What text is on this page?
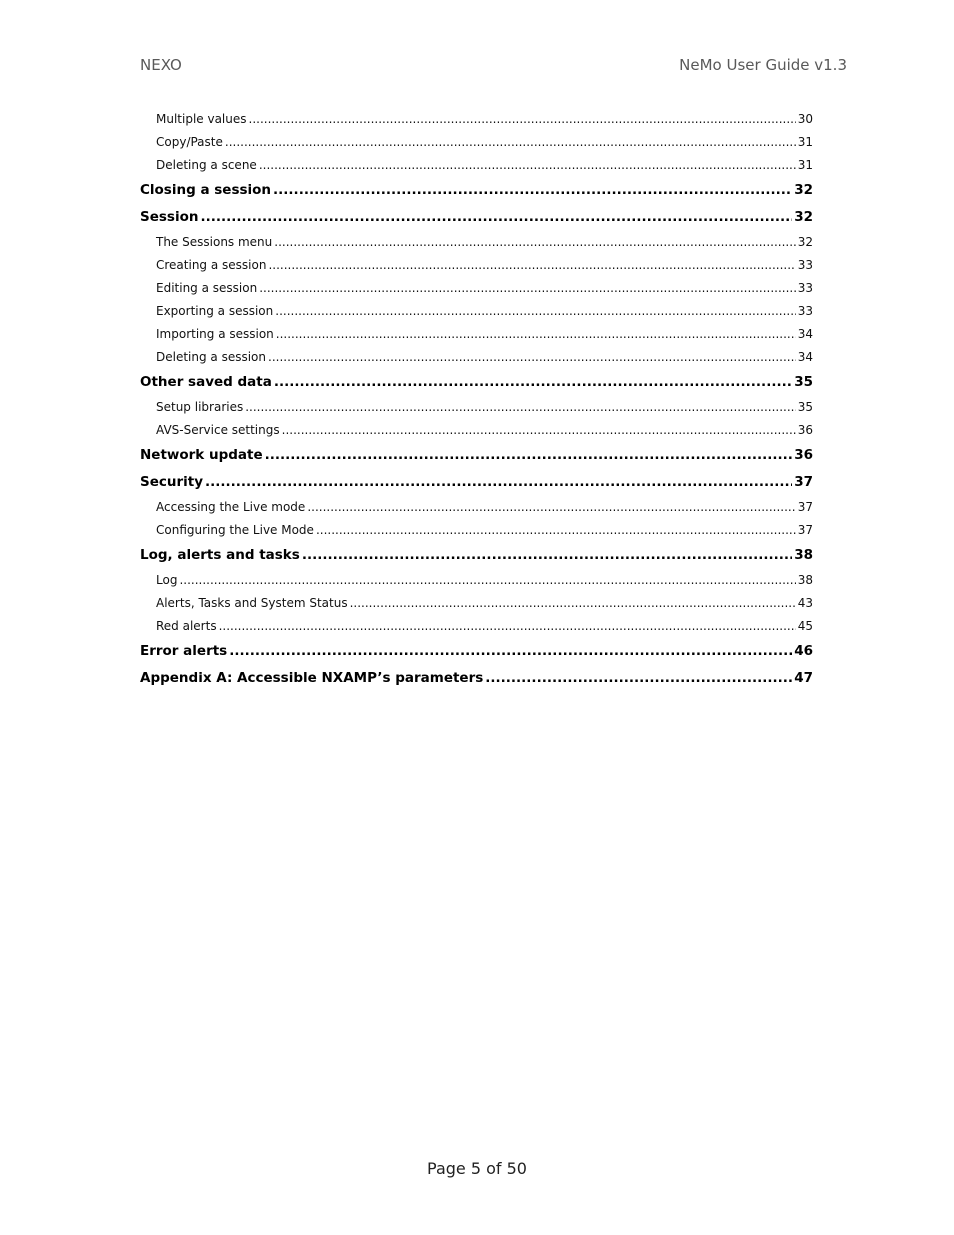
NEXO	NeMo User Guide v1.3
Multiple values .....	30
Copy/Paste .....	31
Deleting a scene .....	31
Closing a session .....	32
Session .....	32
The Sessions menu .....	32
Creating a session .....	33
Editing a session .....	33
Exporting a session .....	33
Importing a session .....	34
Deleting a session .....	34
Other saved data .....	35
Setup libraries .....	35
AVS-Service settings .....	36
Network update .....	36
Security .....	37
Accessing the Live mode .....	37
Configuring the Live Mode .....	37
Log, alerts and tasks .....	38
Log .....	38
Alerts, Tasks and System Status .....	43
Red alerts .....	45
Error alerts .....	46
Appendix A: Accessible NXAMP’s parameters .....	47
Page 5 of 50
